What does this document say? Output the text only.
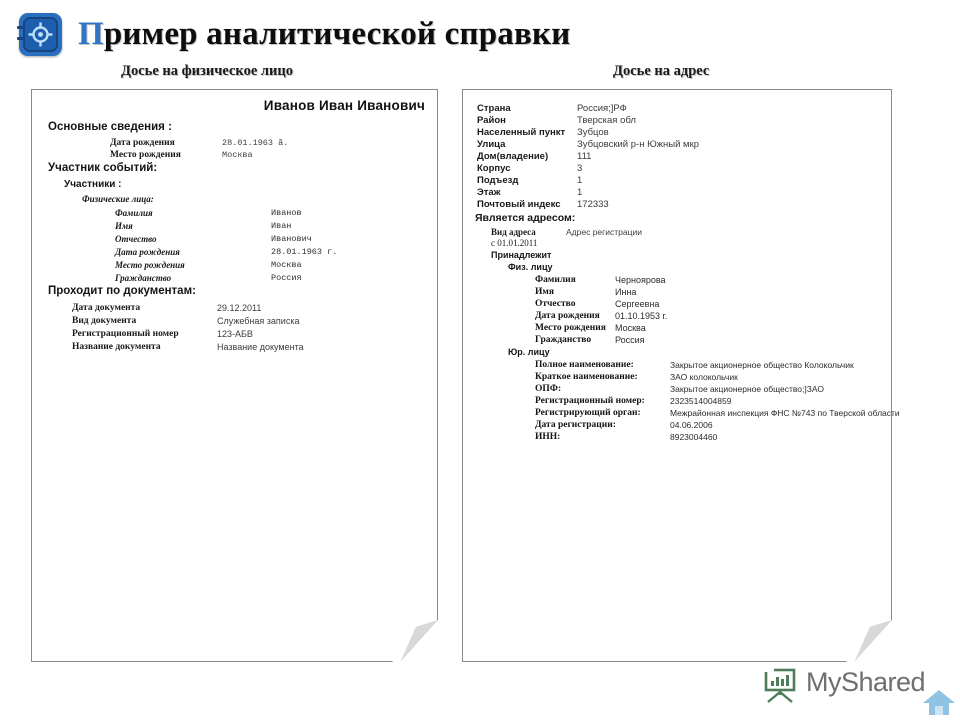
Пример аналитической справки
Досье на физическое лицо	Досье на адрес
Иванов Иван Иванович
Основные сведения :
Дата рождения	28.01.1963 ã.
Место рождения	Москва
Участник событий:
Участники :
Физические лица:
Фамилия	Иванов
Имя	Иван
Отчество	Иванович
Дата рождения	28.01.1963 г.
Место рождения	Москва
Гражданство	Россия
Проходит по документам:
Дата документа	29.12.2011
Вид документа	Служебная записка
Регистрационный номер	123-АБВ
Название документа	Название документа
Страна	Россия;]РФ
Район	Тверская обл
Населенный пункт Зубцов
Улица	Зубцовский р-н Южный мкр
Дом(владение)	111
Корпус	3
Подъезд	1
Этаж	1
Почтовый индекс 172333
Является адресом:
Вид адреса	Адрес регистрации
с 01.01.2011
Принадлежит
Физ. лицу
Фамилия	Чернoярова
Имя	Инна
Отчество	Сергеевна
Дата рождения 01.10.1953 г.
Место рождения Москва
Гражданство	Россия
Юр. лицу
Полное наименование:	Закрытое акционерное общество Колокольчик
Краткое наименование:	ЗАО колокольчик
ОПФ:	Закрытое акционерное общество;]ЗАО
Регистрационный номер:	2323514004859
Регистрирующий орган:	Межрайонная инспекция ФНС №743 по Тверской области
Дата регистрации:	04.06.2006
ИНН:	8923004460
MyShared
